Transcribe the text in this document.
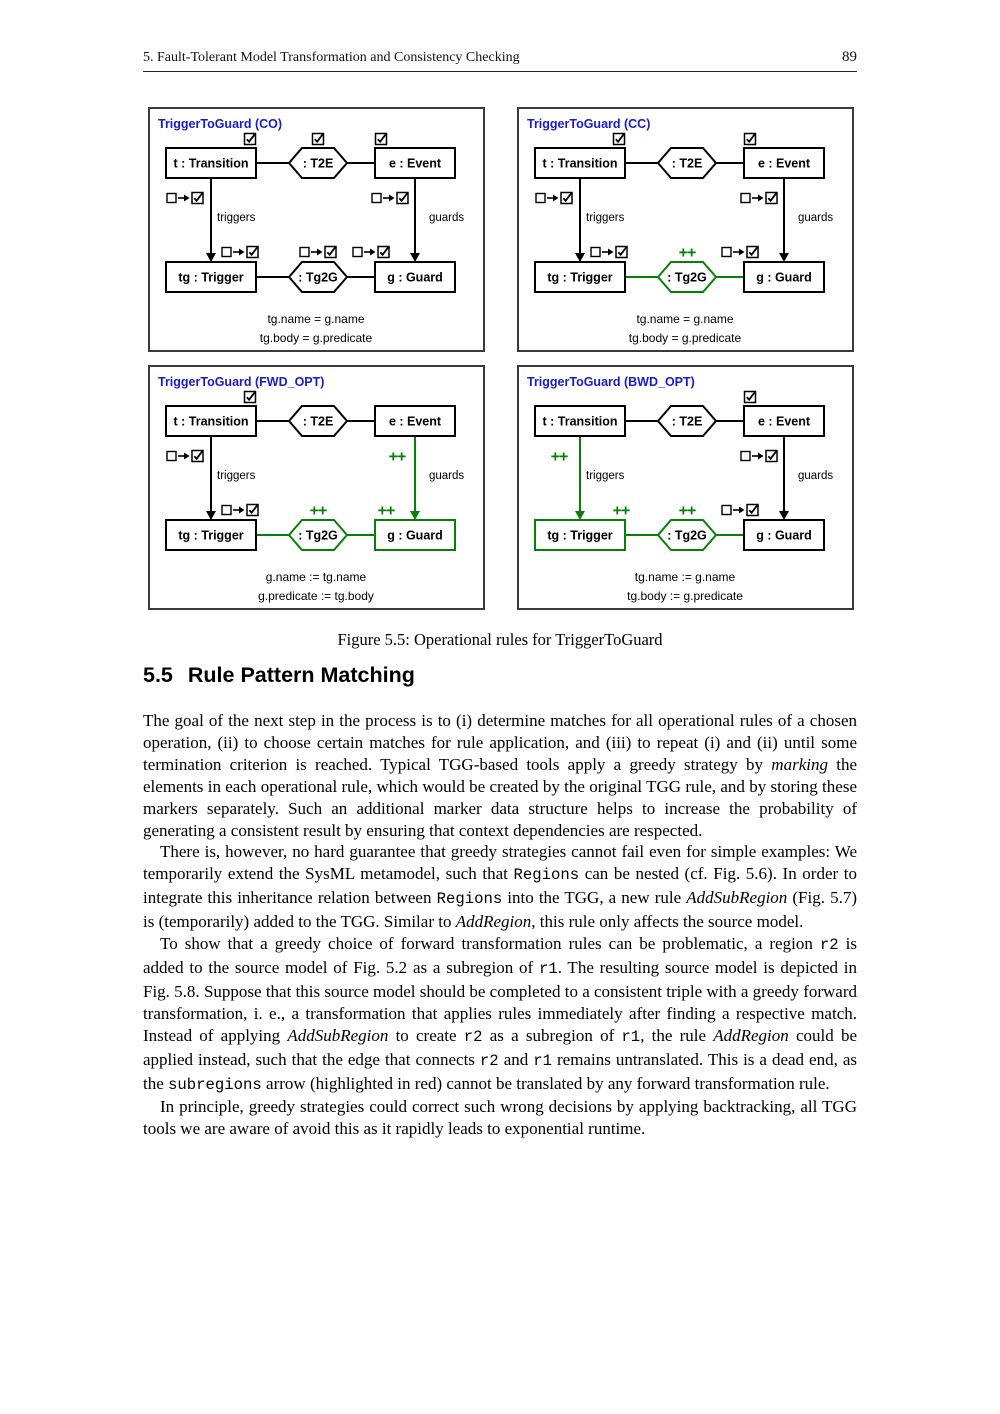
5. Fault-Tolerant Model Transformation and Consistency Checking	89
TriggerToGuard (CO)
triggers	guards
t : Transition	: T2E	e : Event
tg : Trigger	: Tg2G	g : Guard
tg.name = g.name
tg.body = g.predicate
TriggerToGuard (CC)
triggers	guards
t : Transition	: T2E	e : Event
tg : Trigger	: Tg2G	g : Guard
++
tg.name = g.name
tg.body = g.predicate
TriggerToGuard (FWD_OPT)
triggers	guards
t : Transition	: T2E	e : Event
tg : Trigger	: Tg2G	g : Guard
++
++	++
g.name := tg.name
g.predicate := tg.body
TriggerToGuard (BWD_OPT)
triggers	guards
t : Transition	: T2E	e : Event
tg : Trigger	: Tg2G	g : Guard
++
++	++
tg.name := g.name
tg.body := g.predicate
Figure 5.5: Operational rules for TriggerToGuard
5.5 Rule Pattern Matching

The goal of the next step in the process is to (i) determine matches for all operational rules of a chosen operation, (ii) to choose certain matches for rule application, and (iii) to repeat (i) and (ii) until some termination criterion is reached. Typical TGG-based tools apply a greedy strategy by marking the elements in each operational rule, which would be created by the original TGG rule, and by storing these markers separately. Such an additional marker data structure helps to increase the probability of generating a consistent result by ensuring that context dependencies are respected.

There is, however, no hard guarantee that greedy strategies cannot fail even for simple examples: We temporarily extend the SysML metamodel, such that Regions can be nested (cf. Fig. 5.6). In order to integrate this inheritance relation between Regions into the TGG, a new rule AddSubRegion (Fig. 5.7) is (temporarily) added to the TGG. Similar to AddRegion, this rule only affects the source model.

To show that a greedy choice of forward transformation rules can be problematic, a region r2 is added to the source model of Fig. 5.2 as a subregion of r1. The resulting source model is depicted in Fig. 5.8. Suppose that this source model should be completed to a consistent triple with a greedy forward transformation, i. e., a transformation that applies rules immediately after finding a respective match. Instead of applying AddSubRegion to create r2 as a subregion of r1, the rule AddRegion could be applied instead, such that the edge that connects r2 and r1 remains untranslated. This is a dead end, as the subregions arrow (highlighted in red) cannot be translated by any forward transformation rule.

In principle, greedy strategies could correct such wrong decisions by applying backtracking, all TGG tools we are aware of avoid this as it rapidly leads to exponential runtime.
